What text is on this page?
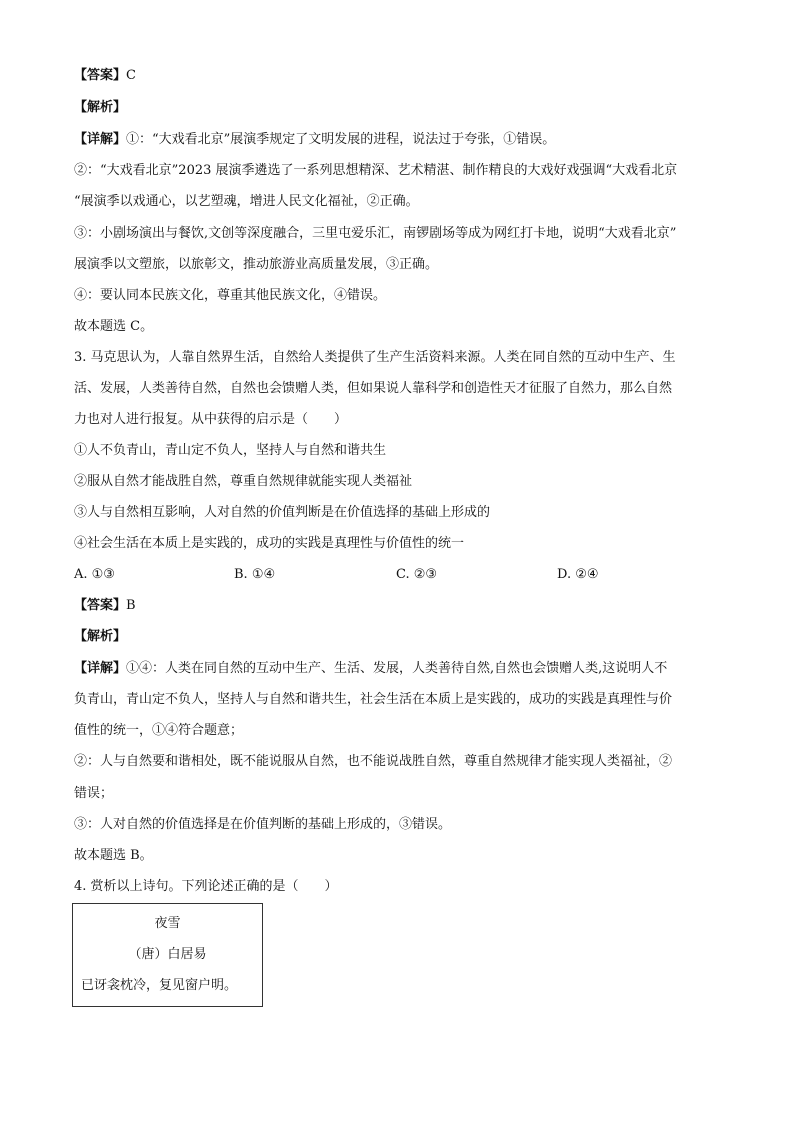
【答案】C
【解析】
【详解】①：“大戏看北京”展演季规定了文明发展的进程，说法过于夸张，①错误。
②：“大戏看北京”2023 展演季遴选了一系列思想精深、艺术精湛、制作精良的大戏好戏强调“大戏看北京
“展演季以戏通心，以艺塑魂，增进人民文化福祉，②正确。
③：小剧场演出与餐饮,文创等深度融合，三里屯爱乐汇，南锣剧场等成为网红打卡地，说明“大戏看北京”
展演季以文塑旅，以旅彰文，推动旅游业高质量发展，③正确。
④：要认同本民族文化，尊重其他民族文化，④错误。
故本题选 C。
3. 马克思认为，人靠自然界生活，自然给人类提供了生产生活资料来源。人类在同自然的互动中生产、生
活、发展，人类善待自然，自然也会馈赠人类，但如果说人靠科学和创造性天才征服了自然力，那么自然
力也对人进行报复。从中获得的启示是（　　）
①人不负青山，青山定不负人，坚持人与自然和谐共生
②服从自然才能战胜自然，尊重自然规律就能实现人类福祉
③人与自然相互影响，人对自然的价值判断是在价值选择的基础上形成的
④社会生活在本质上是实践的，成功的实践是真理性与价值性的统一
A. ①③	B. ①④	C. ②③	D. ②④
【答案】B
【解析】
【详解】①④：人类在同自然的互动中生产、生活、发展，人类善待自然,自然也会馈赠人类,这说明人不
负青山，青山定不负人，坚持人与自然和谐共生，社会生活在本质上是实践的，成功的实践是真理性与价
值性的统一，①④符合题意；
②：人与自然要和谐相处，既不能说服从自然，也不能说战胜自然，尊重自然规律才能实现人类福祉，②
错误；
③：人对自然的价值选择是在价值判断的基础上形成的，③错误。
故本题选 B。
4. 赏析以上诗句。下列论述正确的是（　　）
夜雪
（唐）白居易
已讶衾枕冷，复见窗户明。
